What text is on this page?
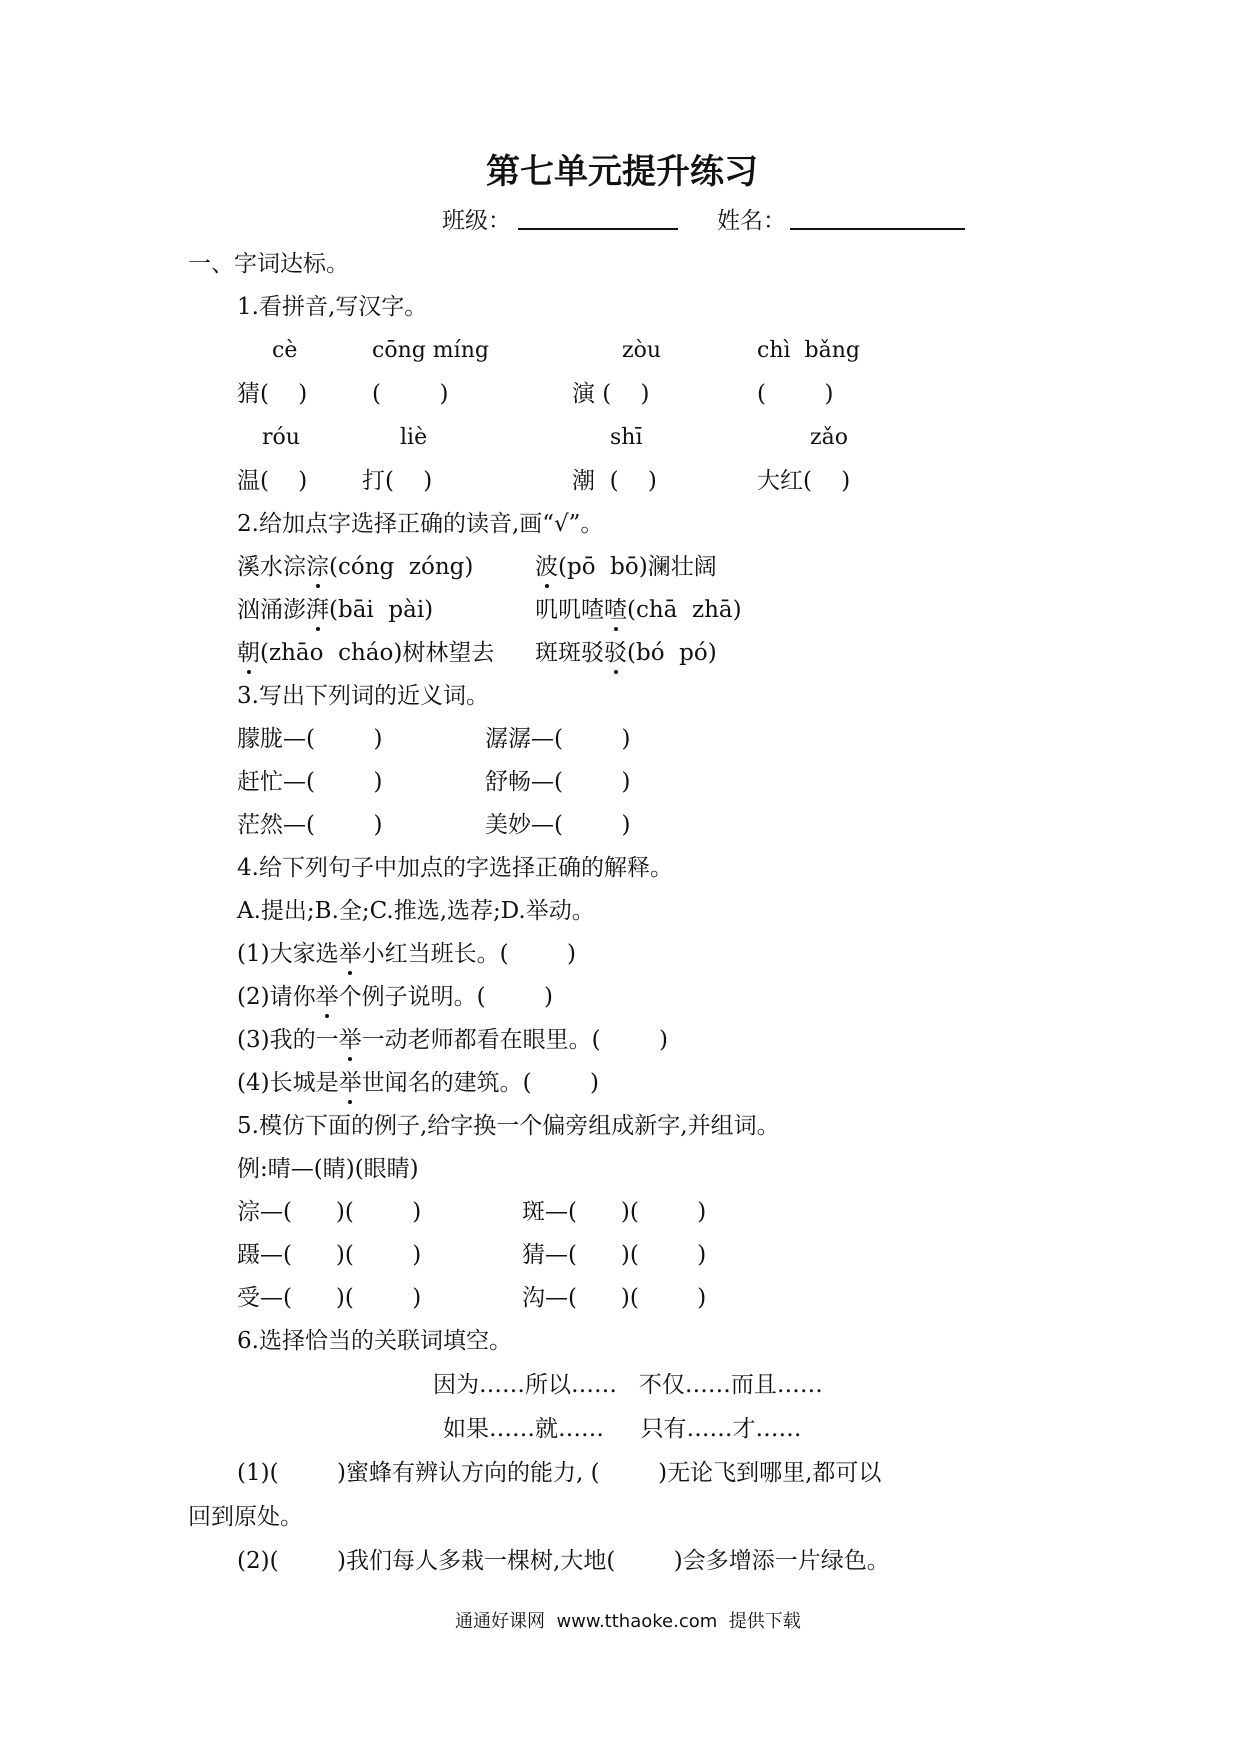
第七单元提升练习
班级：	姓名：
一、字词达标。
1.看拼音,写汉字。
cè	cōng míng	zòu	chì  bǎng
猜(    )	(        )	演 (    )	(        )
róu	liè	shī	zǎo
温(    ) 打(    )	潮  (    )	大红(    )
2.给加点字选择正确的读音,画“√”。
溪水淙淙(cóng  zóng)	波(pō  bō)澜壮阔
汹涌澎湃(bāi  pài)	叽叽喳喳(chā  zhā)
朝(zhāo  cháo)树林望去 斑斑驳驳(bó  pó)
3.写出下列词的近义词。
朦胧—(        )	潺潺—(        )
赶忙—(        )	舒畅—(        )
茫然—(        )	美妙—(        )
4.给下列句子中加点的字选择正确的解释。
A.提出;B.全;C.推选,选荐;D.举动。
(1)大家选举小红当班长。(        )
(2)请你举个例子说明。(        )
(3)我的一举一动老师都看在眼里。(        )
(4)长城是举世闻名的建筑。(        )
5.模仿下面的例子,给字换一个偏旁组成新字,并组词。
例:晴—(睛)(眼睛)
淙—(      )(        )	斑—(      )(        )
蹑—(      )(        )	猜—(      )(        )
受—(      )(        )	沟—(      )(        )
6.选择恰当的关联词填空。
因为……所以……   不仅……而且……
如果……就……     只有……才……
(1)(        )蜜蜂有辨认方向的能力, (        )无论飞到哪里,都可以
回到原处。
(2)(        )我们每人多栽一棵树,大地(        )会多增添一片绿色。
通通好课网  www.tthaoke.com  提供下载
